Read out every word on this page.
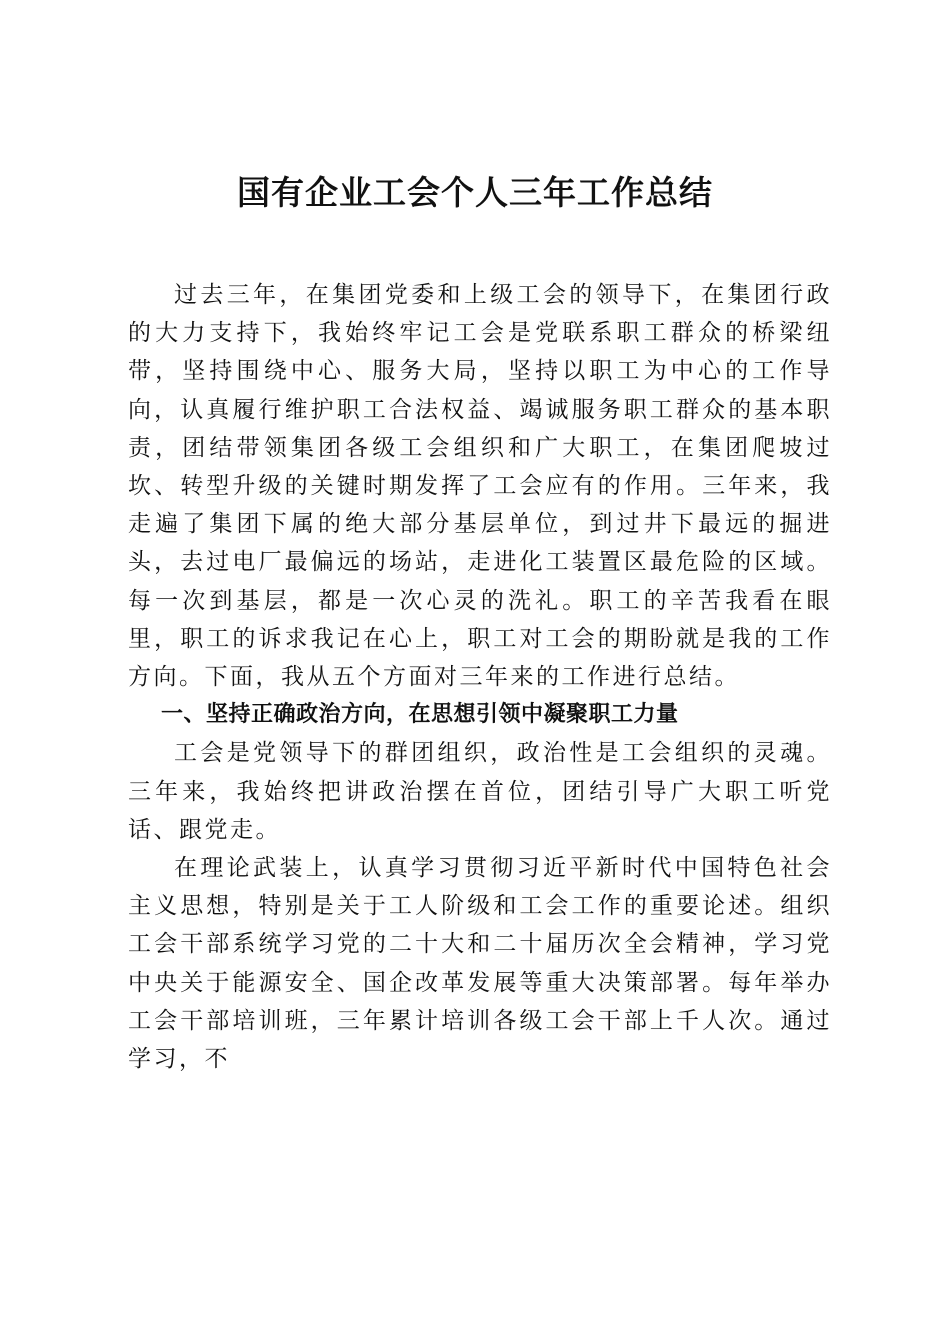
国有企业工会个人三年工作总结

过去三年，在集团党委和上级工会的领导下，在集团行政的大力支持下，我始终牢记工会是党联系职工群众的桥梁纽带，坚持围绕中心、服务大局，坚持以职工为中心的工作导向，认真履行维护职工合法权益、竭诚服务职工群众的基本职责，团结带领集团各级工会组织和广大职工，在集团爬坡过坎、转型升级的关键时期发挥了工会应有的作用。三年来，我走遍了集团下属的绝大部分基层单位，到过井下最远的掘进头，去过电厂最偏远的场站，走进化工装置区最危险的区域。每一次到基层，都是一次心灵的洗礼。职工的辛苦我看在眼里，职工的诉求我记在心上，职工对工会的期盼就是我的工作方向。下面，我从五个方面对三年来的工作进行总结。

一、坚持正确政治方向，在思想引领中凝聚职工力量

工会是党领导下的群团组织，政治性是工会组织的灵魂。三年来，我始终把讲政治摆在首位，团结引导广大职工听党话、跟党走。

在理论武装上，认真学习贯彻习近平新时代中国特色社会主义思想，特别是关于工人阶级和工会工作的重要论述。组织工会干部系统学习党的二十大和二十届历次全会精神，学习党中央关于能源安全、国企改革发展等重大决策部署。每年举办工会干部培训班，三年累计培训各级工会干部上千人次。通过学习，不
